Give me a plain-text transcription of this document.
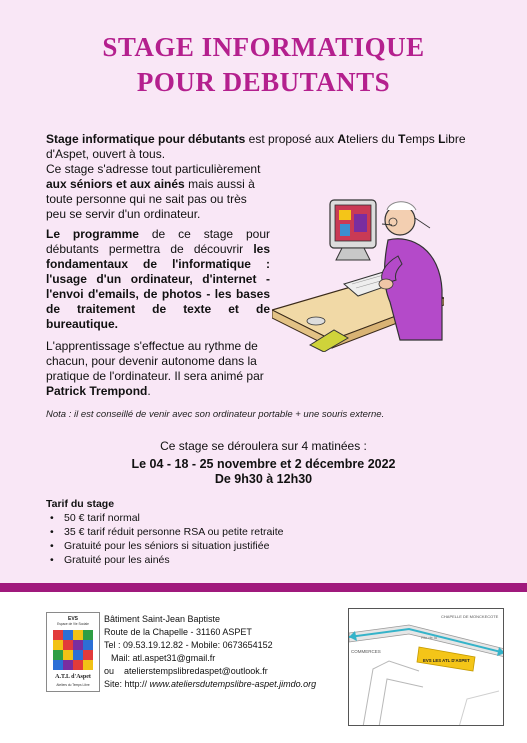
STAGE INFORMATIQUE
POUR DEBUTANTS

Stage informatique pour débutants est proposé aux Ateliers du Temps Libre d'Aspet, ouvert à tous.

Ce stage s'adresse tout particulièrement aux séniors et aux ainés mais aussi à toute personne qui ne sait pas ou très peu se servir d'un ordinateur.

Le programme de ce stage pour débutants permettra de découvrir les fondamentaux de l'informatique : l'usage d'un ordinateur, d'internet - l'envoi d'emails, de photos - les bases de traitement de texte et de bureautique.

L'apprentissage s'effectue au rythme de chacun, pour devenir autonome dans la pratique de l'ordinateur. Il sera animé par Patrick Trempond.

Nota : il est conseillé de venir avec son ordinateur portable + une souris externe.

Ce stage se déroulera sur 4 matinées :
Le 04 - 18 - 25 novembre et 2 décembre 2022
De 9h30 à 12h30
Tarif du stage
• 50 € tarif normal
• 35 € tarif réduit personne RSA ou petite retraite
• Gratuité pour les séniors si situation justifiée
• Gratuité pour les ainés
EVS
Espace de Vie Sociale
A.T.L d'Aspet
Ateliers du Temps Libre
Bâtiment Saint-Jean Baptiste
Route de la Chapelle - 31160 ASPET
Tel : 09.53.19.12.82 - Mobile: 0673654152
Mail: atl.aspet31@gmail.fr
ou atelierstempslibredaspet@outlook.fr
Site: http:// www.ateliersdutempslibre-aspet.jimdo.org
COMMERCES
CHAPELLE DE MONCKECOTE
Rte de la
EVS LES ATL D'ASPET
